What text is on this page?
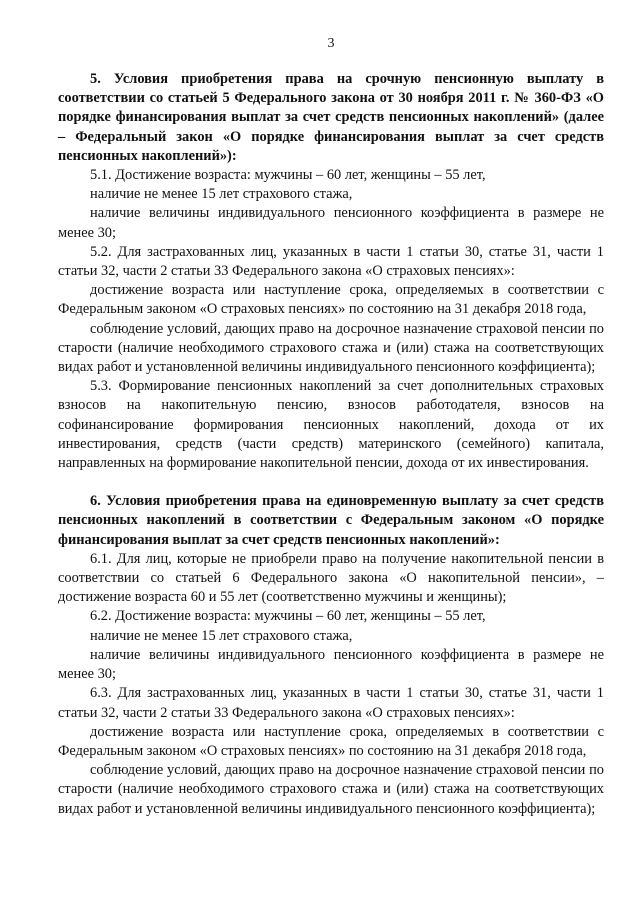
3

5. Условия приобретения права на срочную пенсионную выплату в соответствии со статьей 5 Федерального закона от 30 ноября 2011 г. № 360-ФЗ «О порядке финансирования выплат за счет средств пенсионных накоплений» (далее – Федеральный закон «О порядке финансирования выплат за счет средств пенсионных накоплений»):

5.1. Достижение возраста: мужчины – 60 лет, женщины – 55 лет,

наличие не менее 15 лет страхового стажа,

наличие величины индивидуального пенсионного коэффициента в размере не менее 30;

5.2. Для застрахованных лиц, указанных в части 1 статьи 30, статье 31, части 1 статьи 32, части 2 статьи 33 Федерального закона «О страховых пенсиях»:

достижение возраста или наступление срока, определяемых в соответствии с Федеральным законом «О страховых пенсиях» по состоянию на 31 декабря 2018 года,

соблюдение условий, дающих право на досрочное назначение страховой пенсии по старости (наличие необходимого страхового стажа и (или) стажа на соответствующих видах работ и установленной величины индивидуального пенсионного коэффициента);

5.3. Формирование пенсионных накоплений за счет дополнительных страховых взносов на накопительную пенсию, взносов работодателя, взносов на софинансирование формирования пенсионных накоплений, дохода от их инвестирования, средств (части средств) материнского (семейного) капитала, направленных на формирование накопительной пенсии, дохода от их инвестирования.

6. Условия приобретения права на единовременную выплату за счет средств пенсионных накоплений в соответствии с Федеральным законом «О порядке финансирования выплат за счет средств пенсионных накоплений»:

6.1. Для лиц, которые не приобрели право на получение накопительной пенсии в соответствии со статьей 6 Федерального закона «О накопительной пенсии», – достижение возраста 60 и 55 лет (соответственно мужчины и женщины);

6.2. Достижение возраста: мужчины – 60 лет, женщины – 55 лет,

наличие не менее 15 лет страхового стажа,

наличие величины индивидуального пенсионного коэффициента в размере не менее 30;

6.3. Для застрахованных лиц, указанных в части 1 статьи 30, статье 31, части 1 статьи 32, части 2 статьи 33 Федерального закона «О страховых пенсиях»:

достижение возраста или наступление срока, определяемых в соответствии с Федеральным законом «О страховых пенсиях» по состоянию на 31 декабря 2018 года,

соблюдение условий, дающих право на досрочное назначение страховой пенсии по старости (наличие необходимого страхового стажа и (или) стажа на соответствующих видах работ и установленной величины индивидуального пенсионного коэффициента);
